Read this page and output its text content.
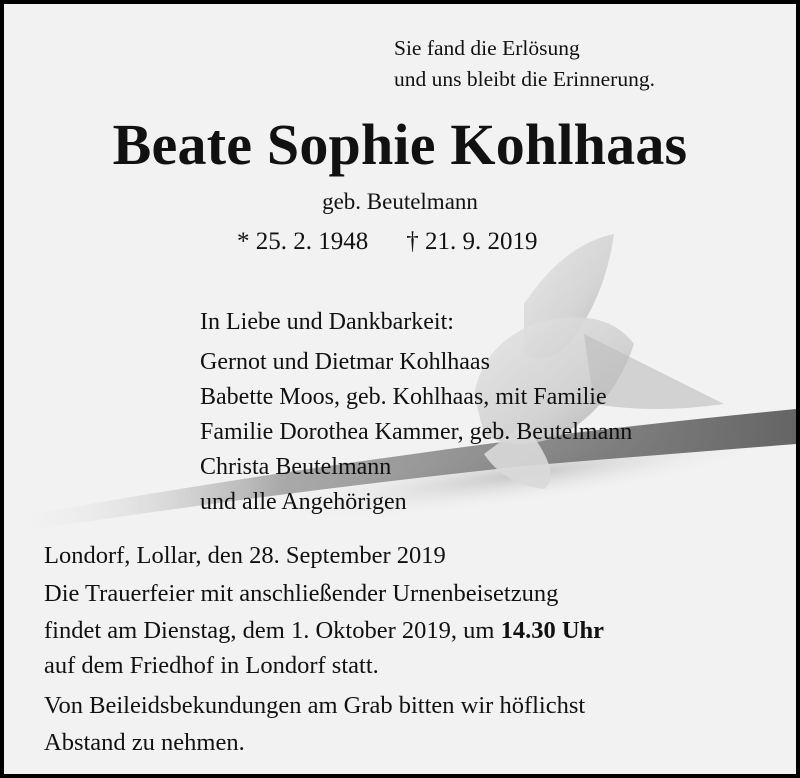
Sie fand die Erlösung
und uns bleibt die Erinnerung.
Beate Sophie Kohlhaas
geb. Beutelmann
* 25. 2. 1948 † 21. 9. 2019
In Liebe und Dankbarkeit:
Gernot und Dietmar Kohlhaas
Babette Moos, geb. Kohlhaas, mit Familie
Familie Dorothea Kammer, geb. Beutelmann
Christa Beutelmann
und alle Angehörigen
Londorf, Lollar, den 28. September 2019
Die Trauerfeier mit anschließender Urnenbeisetzung
findet am Dienstag, dem 1. Oktober 2019, um 14.30 Uhr
auf dem Friedhof in Londorf statt.
Von Beileidsbekundungen am Grab bitten wir höflichst
Abstand zu nehmen.
